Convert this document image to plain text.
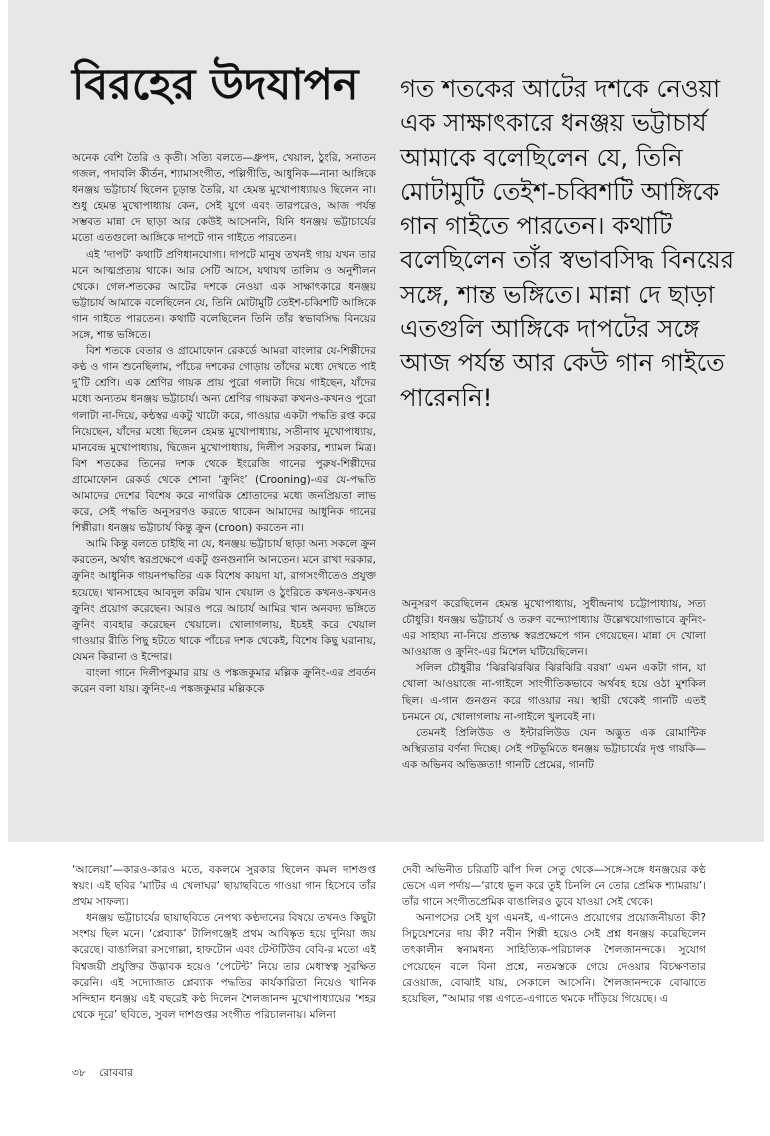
বিরহের উদযাপন

অনেক বেশি তৈরি ও কৃতী। সত্যি বলতে—ধ্রুপদ, খেয়াল, ঠুংরি, সনাতন গজল, পদাবলি কীর্তন, শ্যামাসংগীত, পল্লিগীতি, আধুনিক—নানা আঙ্গিকে ধনঞ্জয় ভট্টাচার্য ছিলেন চূড়ান্ত তৈরি, যা হেমন্ত মুখোপাধ্যায়ও ছিলেন না। শুধু হেমন্ত মুখোপাধ্যায় কেন, সেই যুগে এবং তারপরেও, আজ পর্যন্ত সম্ভবত মান্না দে ছাড়া আর কেউই আসেননি, যিনি ধনঞ্জয় ভট্টাচার্যের মতো এতগুলো আঙ্গিকে দাপটে গান গাইতে পারতেন।

এই ‘দাপট’ কথাটি প্রণিধানযোগ্য। দাপটে মানুষ তখনই গায় যখন তার মনে আত্মপ্রত্যয় থাকে। আর সেটি আসে, যথাযথ তালিম ও অনুশীলন থেকে। গেল-শতকের আটের দশকে নেওয়া এক সাক্ষাৎকারে ধনঞ্জয় ভট্টাচার্য আমাকে বলেছিলেন যে, তিনি মোটামুটি তেইশ-চব্বিশটি আঙ্গিকে গান গাইতে পারতেন। কথাটি বলেছিলেন তিনি তাঁর স্বভাবসিদ্ধ বিনয়ের সঙ্গে, শান্ত ভঙ্গিতে।

বিশ শতকে বেতার ও গ্রামোফোন রেকর্ডে আমরা বাংলার যে-শিল্পীদের কণ্ঠ ও গান শুনেছিলাম, পাঁচের দশকের গোড়ায় তাঁদের মধ্যে দেখতে পাই দু’টি শ্রেণি। এক শ্রেণির গায়ক প্রায় পুরো গলাটা দিয়ে গাইছেন, যাঁদের মধ্যে অন্যতম ধনঞ্জয় ভট্টাচার্য। অন্য শ্রেণির গায়করা কখনও-কখনও পুরো গলাটা না-দিয়ে, কন্ঠস্বর একটু খাটো করে, গাওয়ার একটা পদ্ধতি রপ্ত করে নিয়েছেন, যাঁদের মধ্যে ছিলেন হেমন্ত মুখোপাধ্যায়, সতীনাথ মুখোপাধ্যায়, মানবেন্দ্র মুখোপাধ্যায়, দ্বিজেন মুখোপাধ্যায়, দিলীপ সরকার, শ্যামল মিত্র। বিশ শতকের তিনের দশক থেকে ইংরেজি গানের পুরুষ-শিল্পীদের গ্রামোফোন রেকর্ড থেকে শোনা ‘ক্রুনিং’ (Crooning)-এর যে-পদ্ধতি আমাদের দেশের বিশেষ করে নাগরিক শ্রোতাদের মধ্যে জনপ্রিয়তা লাভ করে, সেই পদ্ধতি অনুসরণও করতে থাকেন আমাদের আধুনিক গানের শিল্পীরা। ধনঞ্জয় ভট্টাচার্য কিন্তু ক্রুন (croon) করতেন না।

আমি কিন্তু বলতে চাইছি না যে, ধনঞ্জয় ভট্টাচার্য ছাড়া অন্য সকলে ক্রুন করতেন, অর্থাৎ স্বরপ্রক্ষেপে একটু গুনগুনানি আনতেন। মনে রাখা দরকার, ক্রুনিং আধুনিক গায়নপদ্ধতির এক বিশেষ কায়দা যা, রাগসংগীতেও প্রযুক্ত হয়েছে। খানসাহেব আবদুল করিম খান খেয়াল ও ঠুংরিতে কখনও-কখনও ক্রুনিং প্রয়োগ করেছেন। আরও পরে আচার্য আমির খান অনবদ্য ভঙ্গিতে ক্রুনিং ব্যবহার করেছেন খেয়ালে। খোলাগলায়, ইচহই করে খেয়াল গাওয়ার রীতি পিছু হটতে থাকে পাঁচের দশক থেকেই, বিশেষ কিছু ঘরানায়, যেমন কিরানা ও ইন্দোর।

বাংলা গানে দিলীপকুমার রায় ও পঙ্কজকুমার মল্লিক ক্রুনিং-এর প্রবর্তন করেন বলা যায়। ক্রুনিং-এ পঙ্কজকুমার মল্লিককে

গত শতকের আটের দশকে নেওয়া এক সাক্ষাৎকারে ধনঞ্জয় ভট্টাচার্য আমাকে বলেছিলেন যে, তিনি মোটামুটি তেইশ-চব্বিশটি আঙ্গিকে গান গাইতে পারতেন। কথাটি বলেছিলেন তাঁর স্বভাবসিদ্ধ বিনয়ের সঙ্গে, শান্ত ভঙ্গিতে। মান্না দে ছাড়া এতগুলি আঙ্গিকে দাপটের সঙ্গে আজ পর্যন্ত আর কেউ গান গাইতে পারেননি!

অনুসরণ করেছিলেন হেমন্ত মুখোপাধ্যায়, সুধীন্দ্রনাথ চট্টোপাধ্যায়, সত্য চৌধুরি। ধনঞ্জয় ভট্টাচার্য ও তরুণ বন্দ্যোপাধ্যায় উল্লেখযোগ্যভাবে ক্রুনিং-এর সাহায্য না-নিয়ে প্রত্যক্ষ স্বরপ্রক্ষেপে গান গেয়েছেন। মান্না দে খোলা আওয়াজ ও ক্রুনিং-এর মিশেল ঘটিয়েছিলেন।

সলিল চৌধুরীর ‘ঝিরঝিরঝির ঝিরঝিরি বরষা’ এমন একটা গান, যা খোলা আওয়াজে না-গাইলে সাংগীতিকভাবে অর্থবহ হয়ে ওঠা মুশকিল ছিল। এ-গান গুনগুন করে গাওয়ার নয়। স্থায়ী থেকেই গানটি এতই চনমনে যে, খোলাগলায় না-গাইলে খুলবেই না।

তেমনই প্রিলিউড ও ইন্টারলিউড যেন অদ্ভুত এক রোমান্টিক অস্থিরতার বর্ণনা দিচ্ছে। সেই পটভূমিতে ধনঞ্জয় ভট্টাচার্যের দৃপ্ত গায়কি—এক অভিনব অভিজ্ঞতা! গানটি প্রেমের, গানটি

‘আলেয়া’—কারও-কারও মতে, বকলমে সুরকার ছিলেন কমল দাশগুপ্ত স্বয়ং। এই ছবির ‘মাটির এ খেলাঘর’ ছায়াছবিতে গাওয়া গান হিসেবে তাঁর প্রথম সাফল্য।

ধনঞ্জয় ভট্টাচার্যের ছায়াছবিতে নেপথ্য কণ্ঠদানের বিষয়ে তখনও কিছুটা সংশয় ছিল মনে। ‘প্লেব্যাক’ টালিগঞ্জেই প্রথম আবিষ্কৃত হয়ে দুনিয়া জয় করেছে। বাঙালিরা রসগোল্লা, হাফটোন এবং টেস্টটিউব বেবি-র মতো এই বিশ্বজয়ী প্রযুক্তির উদ্ভাবক হয়েও ‘পেটেন্ট’ নিয়ে তার মেধাস্বত্ব সুরক্ষিত করেনি। এই সদ্যোজাত প্লেব্যাক পদ্ধতির কার্যকারিতা নিয়েও খানিক সন্দিহান ধনঞ্জয় এই বছরেই কণ্ঠ দিলেন শৈলজানন্দ মুখোপাধ্যায়ের ‘শহর থেকে দূরে’ ছবিতে, সুবল দাশগুপ্তর সংগীত পরিচালনায়। মলিনা

দেবী অভিনীত চরিত্রটি ঝাঁপ দিল সেতু থেকে—সঙ্গে-সঙ্গে ধনঞ্জয়ের কণ্ঠ ভেসে এল পর্দায়—‘রাধে ভুল করে তুই চিনলি নে তোর প্রেমিক শ্যামরায়’। তাঁর গানে সংগীতপ্রেমিক বাঙালিরও ডুবে যাওয়া সেই থেকে।

অনাপসের সেই যুগ এমনই, এ-গানেও প্রয়োগের প্রয়োজনীয়তা কী? সিচুয়েশনের দায় কী? নবীন শিল্পী হয়েও সেই প্রশ্ন ধনঞ্জয় করেছিলেন তৎকালীন স্বনামধন্য সাহিত্যিক-পরিচালক শৈলজানন্দকে। সুযোগ পেয়েছেন বলে বিনা প্রশ্নে, নতমস্তকে গেয়ে দেওয়ার বিচক্ষণতার রেওয়াজ, বোঝাই যায়, সেকালে আসেনি। শৈলজানন্দকে বোঝাতে হয়েছিল, “আমার গল্প এগতে-এগাতে থমকে দাঁড়িয়ে গিয়েছে। এ

৩৮ রোববার
